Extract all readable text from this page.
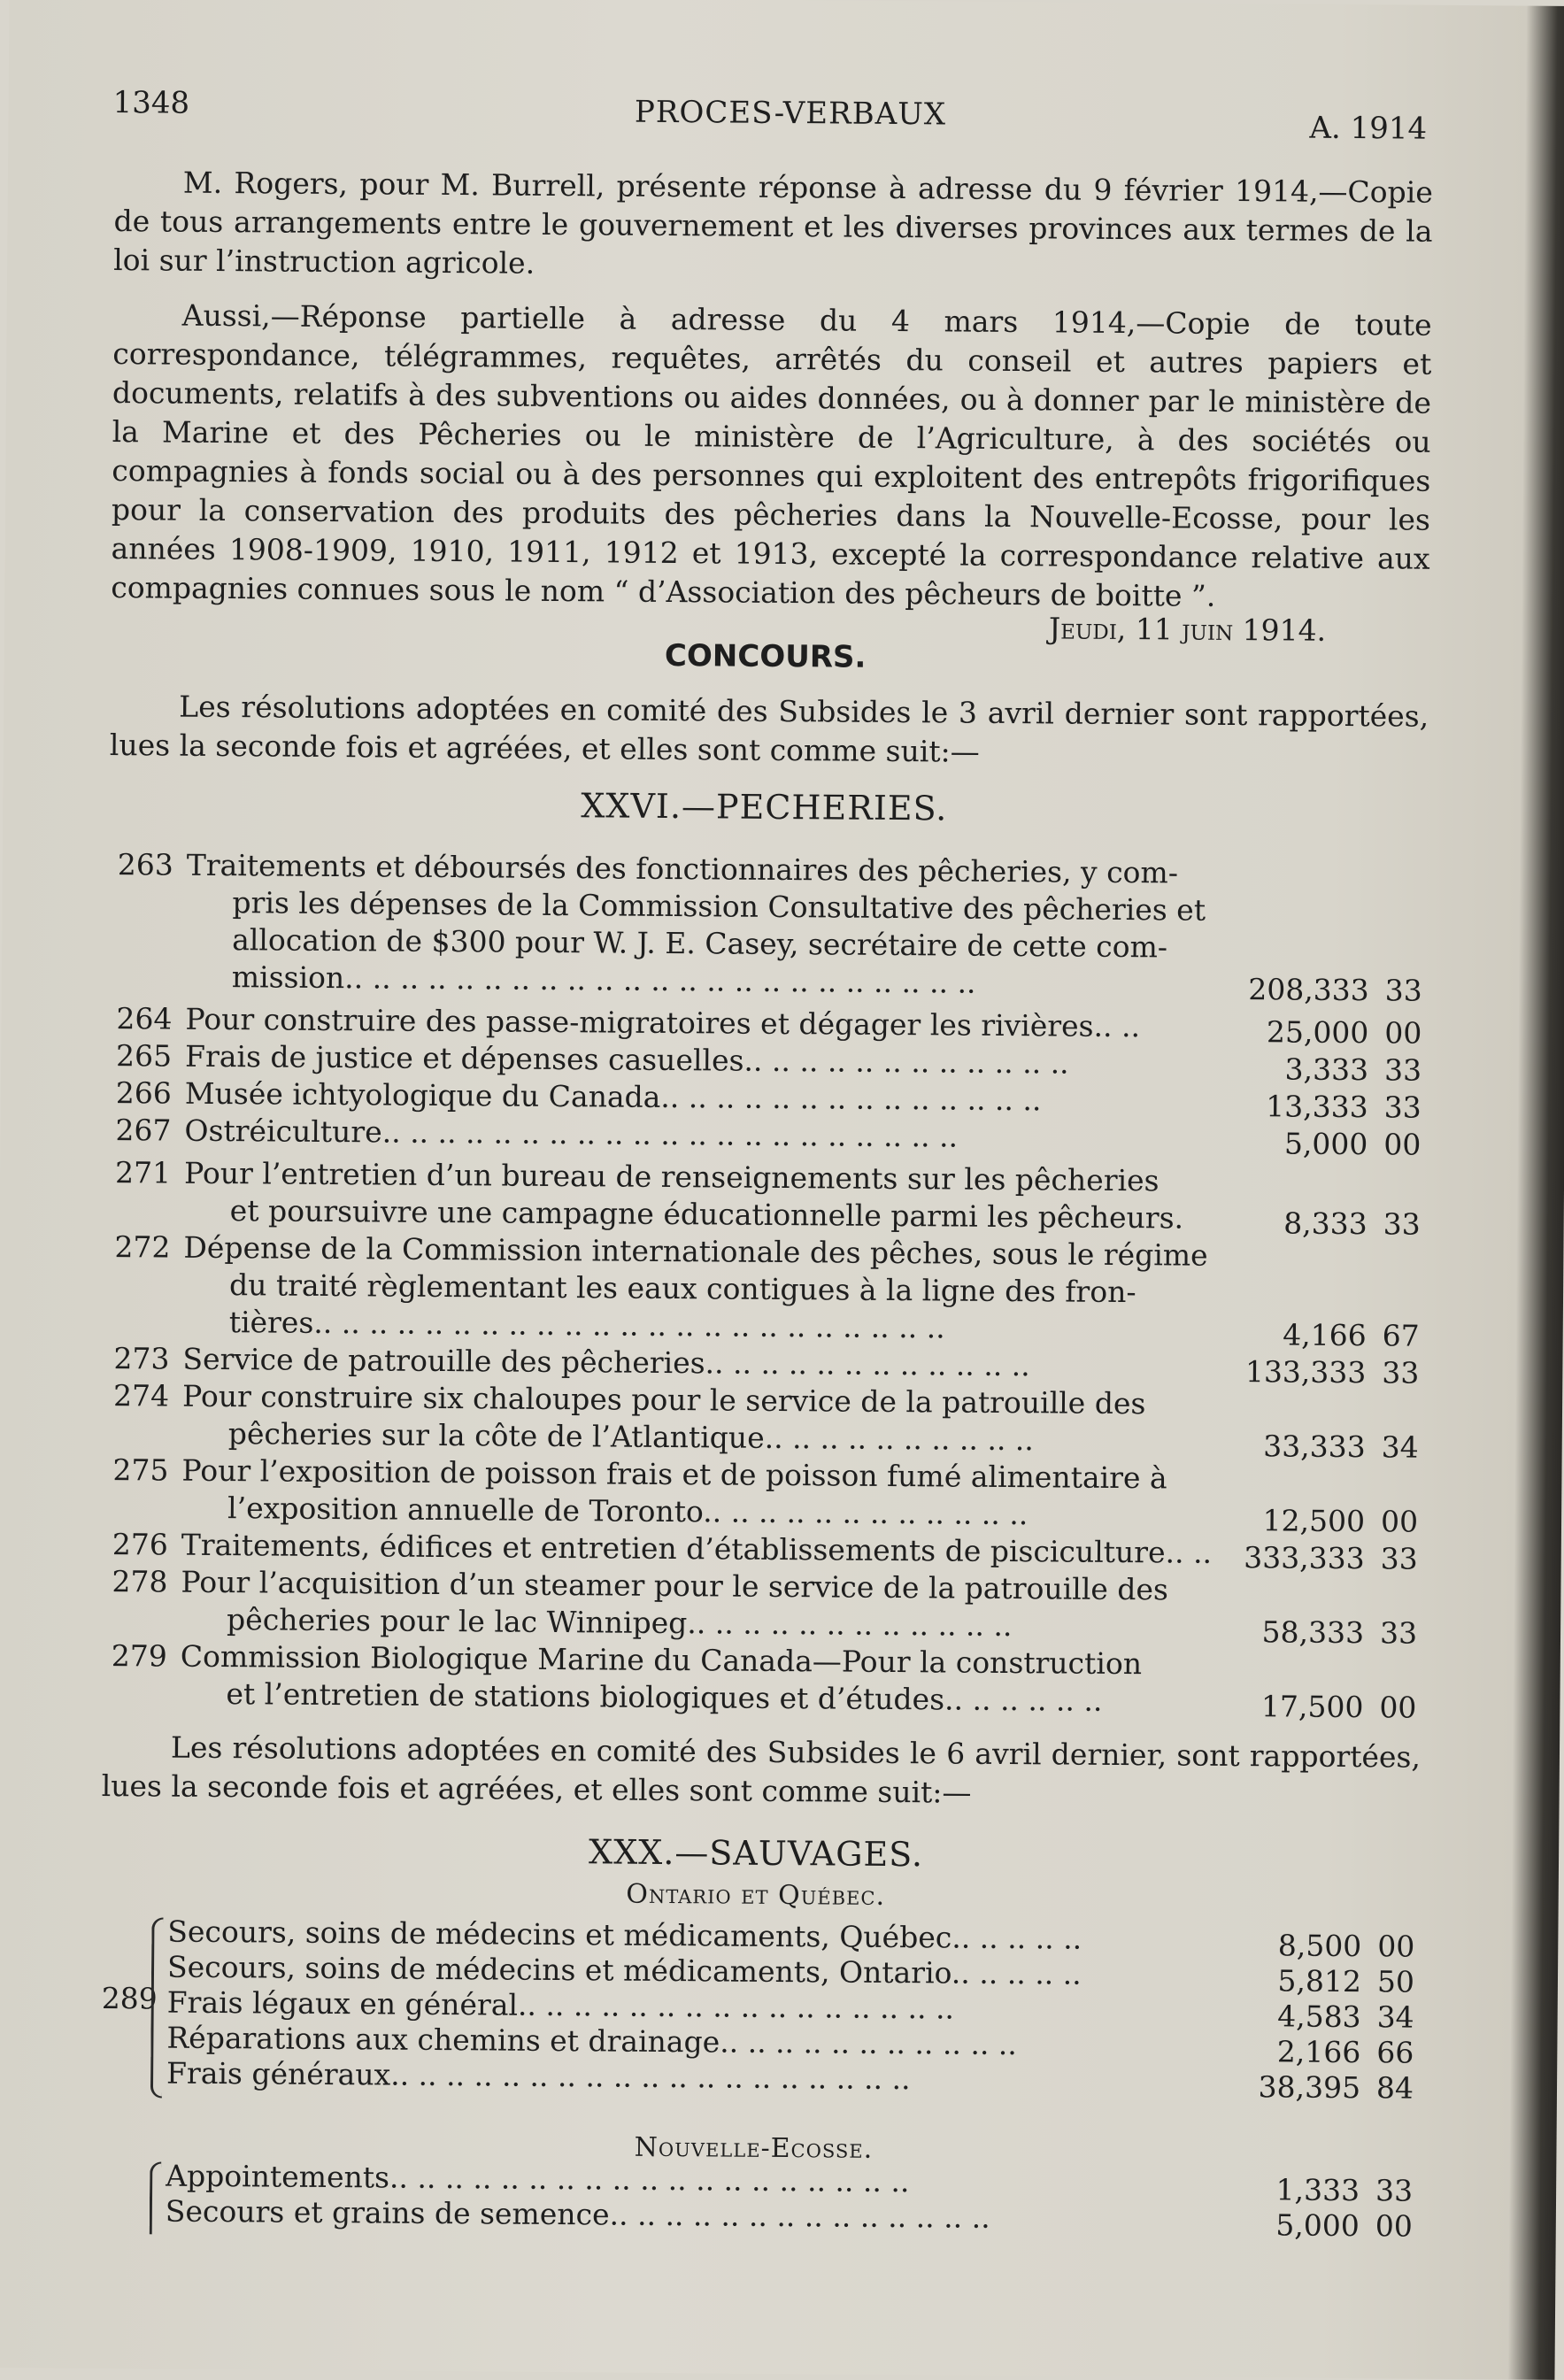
1348	PROCES-VERBAUX	A. 1914

M. Rogers, pour M. Burrell, présente réponse à adresse du 9 février 1914,—Copie de tous arrangements entre le gouvernement et les diverses provinces aux termes de la loi sur l’instruction agricole.

Aussi,—Réponse partielle à adresse du 4 mars 1914,—Copie de toute correspondance, télégrammes, requêtes, arrêtés du conseil et autres papiers et documents, relatifs à des subventions ou aides données, ou à donner par le ministère de la Marine et des Pêcheries ou le ministère de l’Agriculture, à des sociétés ou compagnies à fonds social ou à des personnes qui exploitent des entrepôts frigorifiques pour la conservation des produits des pêcheries dans la Nouvelle-Ecosse, pour les années 1908-1909, 1910, 1911, 1912 et 1913, excepté la correspondance relative aux compagnies connues sous le nom “ d’Association des pêcheurs de boitte ”.

Jeudi, 11 juin 1914.
CONCOURS.

Les résolutions adoptées en comité des Subsides le 3 avril dernier sont rapportées, lues la seconde fois et agréées, et elles sont comme suit:—

XXVI.—PECHERIES.

Les résolutions adoptées en comité des Subsides le 6 avril dernier, sont rapportées, lues la seconde fois et agréées, et elles sont comme suit:—

XXX.—SAUVAGES.
Ontario et Québec.
289
Nouvelle-Ecosse.
263 Traitements et déboursés des fonctionnaires des pêcheries, y com-
pris les dépenses de la Commission Consultative des pêcheries et
allocation de $300 pour W. J. E. Casey, secrétaire de cette com-
mission.. .. .. .. .. .. .. .. .. .. .. .. .. .. .. .. .. .. .. .. .. .. ..	208,333 33
264 Pour construire des passe-migratoires et dégager les rivières.. ..	25,000 00
265 Frais de justice et dépenses casuelles.. .. .. .. .. .. .. .. .. .. .. ..	3,333 33
266 Musée ichtyologique du Canada.. .. .. .. .. .. .. .. .. .. .. .. .. ..	13,333 33
267 Ostréiculture.. .. .. .. .. .. .. .. .. .. .. .. .. .. .. .. .. .. .. .. ..	5,000 00
271 Pour l’entretien d’un bureau de renseignements sur les pêcheries
et poursuivre une campagne éducationnelle parmi les pêcheurs.	8,333 33
272 Dépense de la Commission internationale des pêches, sous le régime
du traité règlementant les eaux contigues à la ligne des fron-
tières.. .. .. .. .. .. .. .. .. .. .. .. .. .. .. .. .. .. .. .. .. .. ..	4,166 67
273 Service de patrouille des pêcheries.. .. .. .. .. .. .. .. .. .. .. ..	133,333 33
274 Pour construire six chaloupes pour le service de la patrouille des
pêcheries sur la côte de l’Atlantique.. .. .. .. .. .. .. .. .. ..	33,333 34
275 Pour l’exposition de poisson frais et de poisson fumé alimentaire à
l’exposition annuelle de Toronto.. .. .. .. .. .. .. .. .. .. .. ..	12,500 00
276 Traitements, édifices et entretien d’établissements de pisciculture.. ..	333,333 33
278 Pour l’acquisition d’un steamer pour le service de la patrouille des
pêcheries pour le lac Winnipeg.. .. .. .. .. .. .. .. .. .. .. ..	58,333 33
279 Commission Biologique Marine du Canada—Pour la construction
et l’entretien de stations biologiques et d’études.. .. .. .. .. ..	17,500 00
Secours, soins de médecins et médicaments, Québec.. .. .. .. ..	8,500 00
Secours, soins de médecins et médicaments, Ontario.. .. .. .. ..	5,812 50
Frais légaux en général.. .. .. .. .. .. .. .. .. .. .. .. .. .. .. ..	4,583 34
Réparations aux chemins et drainage.. .. .. .. .. .. .. .. .. .. ..	2,166 66
Frais généraux.. .. .. .. .. .. .. .. .. .. .. .. .. .. .. .. .. .. ..	38,395 84
Appointements.. .. .. .. .. .. .. .. .. .. .. .. .. .. .. .. .. .. ..	1,333 33
Secours et grains de semence.. .. .. .. .. .. .. .. .. .. .. .. .. ..	5,000 00
